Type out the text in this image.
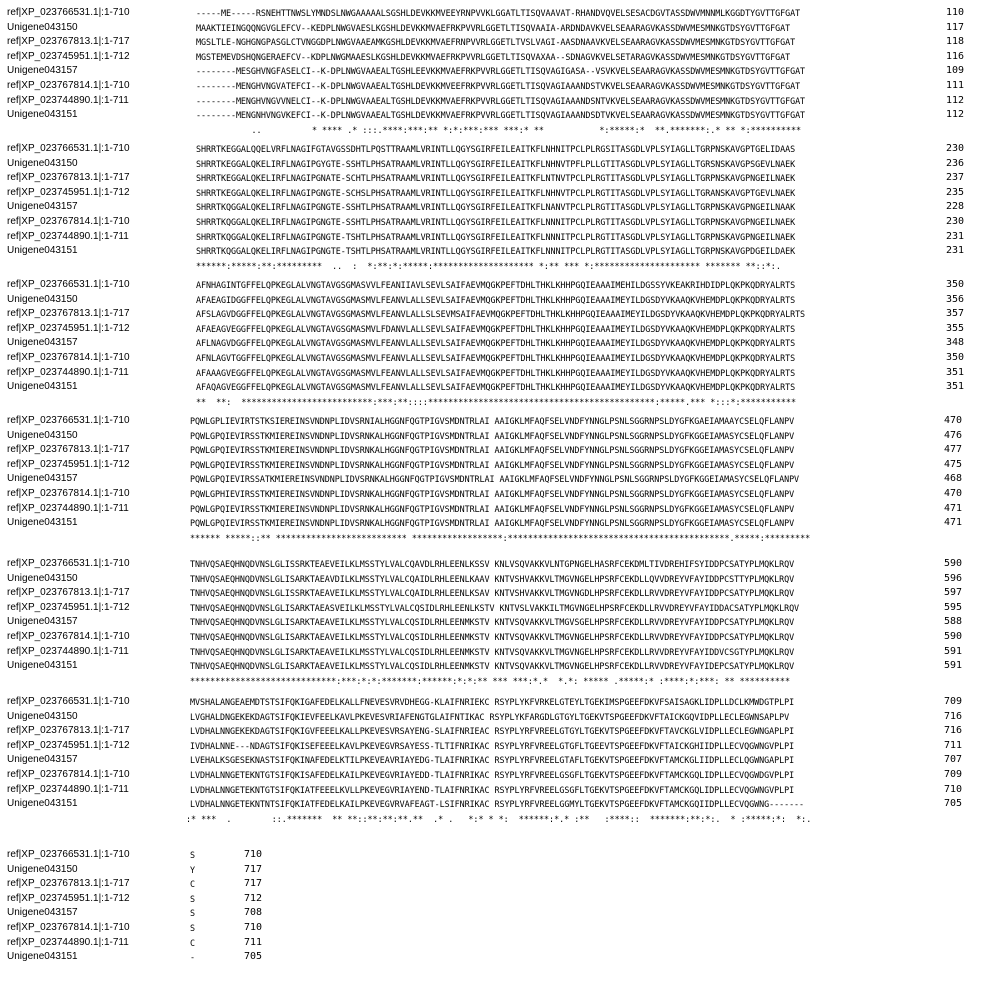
ref|XP_023766531.1|:1-710	-----ME-----RSNEHTTNWSLYMNDSLNWGAAAAALSGSHLDEVKKMVEEYRNPVVKLGGATLTISQVAAVAT-RHANDVQVELSESACDGVTASSDWVMNNMLKGGDTYGVTTGFGAT	110
Unigene043150	MAAKTIEINGQQNGVGLEFCV--KEDPLNWGVAESLKGSHLDEVKKMVAEFRKPVVRLGGETLTISQVAAIA-ARDNDAVKVELSEAARAGVKASSDWVMESMNKGTDSYGVTTGFGAT	117
ref|XP_023767813.1|:1-717	MGSLTLE-NGHGNGPASGLCTVNGGDPLNWGVAAEAMKGSHLDEVKKMVAEFRNPVVRLGGETLTVSLVAGI-AASDNAAVKVELSEAARAGVKASSDWVMESMNKGTDSYGVTTGFGAT	118
ref|XP_023745951.1|:1-712	MGSTEMEVDSHQNGERAEFCV--KDPLNWGMAAESLKGSHLDEVKKMVAEFRKPVVRLGGETLTISQVAXAA--SDNAGVKVELSETARAGVKASSDWVMESMNKGTDSYGVTTGFGAT	116
Unigene043157	--------MESGHVNGFASELCI--K-DPLNWGVAAEALTGSHLEEVKKMVAEFRKPVVRLGGETLTISQVAGIGASA--VSVKVELSEAARAGVKASSDWVMESMNKGTDSYGVTTGFGAT	109
ref|XP_023767814.1|:1-710	--------MENGHVNGVATEFCI--K-DPLNWGVAAEALTGSHLDEVKKMVEEFRKPVVRLGGETLTISQVAGIAAANDSTVKVELSEAARAGVKASSDWVMESMNKGTDSYGVTTGFGAT	111
ref|XP_023744890.1|:1-711	--------MENGHVNGVVNELCI--K-DPLNWGVAAEALTGSHLDEVKKMVAEFRKPVVRLGGETLTISQVAGIAAANDSNTVKVELSEAARAGVKASSDWVMESMNKGTDSYGVTTGFGAT	112
Unigene043151	--------MENGNHVNGVKEFCI--K-DPLNWGVAAEALTGSHLDEVKKMVAEFRKPVVRLGGETLTISQVAGIAAANDSDTVKVELSEAARAGVKASSDWVMESMNKGTDSYGVTTGFGAT	112
..          * **** .* :::.****:***:** *:*:***:*** ***:* **           *:*****:*  **.*******:.* ** *:**********
ref|XP_023766531.1|:1-710	SHRRTKEGGALQQELVRFLNAGIFGTAVGSSDHTLPQSTTRAAMLVRINTLLQGYSGIRFEILEAITKFLNHNITPCLPLRGSITASGDLVPLSYIAGLLTGRPNSKAVGPTGELIDAAS	230
Unigene043150	SHRRTKEGGALQKELIRFLNAGIPGYGTE-SSHTLPHSATRAAMLVRINTLLQGYSGIRFEILEAITKFLNHNVTPFLPLLGTITASGDLVPLSYIAGLLTGRSNSKAVGPSGEVLNAEK	236
ref|XP_023767813.1|:1-717	SHRRTKEGGALQKELIRFLNAGIPGNATE-SCHTLPHSATRAAMLVRINTLLQGYSGIRFEILEAITKFLNTNVTPCLPLRGTITASGDLVPLSYIAGLLTGRPNSKAVGPNGEILNAEK	237
ref|XP_023745951.1|:1-712	SHRRTKEGGALQKELIRFLNAGIPGNGTE-SCHSLPHSATRAAMLVRINTLLQGYSGIRFEILEAITKFLNHNVTPCLPLRGTITASGDLVPLSYIAGLLTGRANSKAVGPTGEVLNAEK	235
Unigene043157	SHRRTKQGGALQKELIRFLNAGIPGNGTE-SSHTLPHSATRAAMLVRINTLLQGYSGIRFEILEAITKFLNANVTPCLPLRGTITASGDLVPLSYIAGLLTGRPNSKAVGPNGEILNAAK	228
ref|XP_023767814.1|:1-710	SHRRTKQGGALQKELIRFLNAGIPGNGTE-SSHTLPHSATRAAMLVRINTLLQGYSGIRFEILEAITKFLNNNITPCLPLRGTITASGDLVPLSYIAGLLTGRPNSKAVGPNGEILNAEK	230
ref|XP_023744890.1|:1-711	SHRRTKQGGALQKELIRFLNAGIPGNGTE-TSHTLPHSATRAAMLVRINTLLQGYSGIRFEILEAITKFLNNNITPCLPLRGTITASGDLVPLSYIAGLLTGRPNSKAVGPNGEILNAEK	231
Unigene043151	SHRRTKQGGALQKELIRFLNAGIPGNGTE-TSHTLPHSATRAAMLVRINTLLQGYSGIRFEILEAITKFLNNNITPCLPLRGTITASGDLVPLSYIAGLLTGRPNSKAVGPDGEILDAEK	231
******:*****:**:*********  ..  :  *:**:*:*****:******************** *:** *** *:********************* ******* **::*:.
ref|XP_023766531.1|:1-710	AFNHAGINTGFFELQPKEGLALVNGTAVGSGMASVVLFEANIIAVLSEVLSAIFAEVMQGKPEFTDHLTHKLKHHPGQIEAAAIMEHILDGSSYVKEAKRIHDIDPLQKPKQDRYALRTS	350
Unigene043150	AFAEAGIDGGFFELQPKEGLALVNGTAVGSGMASMVLFEANVLALLSEVLSAIFAEVMQGKPEFTDHLTHKLKHHPGQIEAAAIMEYILDGSDYVKAAQKVHEMDPLQKPKQDRYALRTS	356
ref|XP_023767813.1|:1-717	AFSLAGVDGGFFELQPKEGLALVNGTAVGSGMASMVLFEANVLALLSLSEVMSAIFAEVMQGKPEFTDHLTHKLKHHPGQIEAAAIMEYILDGSDYVKAAQKVHEMDPLQKPKQDRYALRTS	357
ref|XP_023745951.1|:1-712	AFAEAGVEGGFFELQPKEGLALVNGTAVGSGMASMVLFDANVLALLSEVLSAIFAEVMQGKPEFTDHLTHKLKHHPGQIEAAAIMEYILDGSDYVKAAQKVHEMDPLQKPKQDRYALRTS	355
Unigene043157	AFLNAGVDGGFFELQPKEGLALVNGTAVGSGMASMVLFEANVLALLSEVLSAIFAEVMQGKPEFTDHLTHKLKHHPGQIEAAAIMEYILDGSDYVKAAQKVHEMDPLQKPKQDRYALRTS	348
ref|XP_023767814.1|:1-710	AFNLAGVTGGFFELQPKEGLALVNGTAVGSGMASMVLFEANVLALLSEVLSAIFAEVMQGKPEFTDHLTHKLKHHPGQIEAAAIMEYILDGSDYVKAAQKVHEMDPLQKPKQDRYALRTS	350
ref|XP_023744890.1|:1-711	AFAAAGVEGGFFELQPKEGLALVNGTAVGSGMASMVLFEANVLALLSEVLSAIFAEVMQGKPEFTDHLTHKLKHHPGQIEAAAIMEYILDGSDYVKAAQKVHEMDPLQKPKQDRYALRTS	351
Unigene043151	AFAQAGVEGGFFELQPKEGLALVNGTAVGSGMASMVLFEANVLALLSEVLSAIFAEVMQGKPEFTDHLTHKLKHHPGQIEAAAIMEYILDGSDYVKAAQKVHEMDPLQKPKQDRYALRTS	351
**  **:  **************************:***:**::::*********************************************:*****.*** *:::*:***********
ref|XP_023766531.1|:1-710	PQWLGPLIEVIRTSTKSIEREINSVNDNPLIDVSRNIALHGGNFQGTPIGVSMDNTRLAI AAIGKLMFAQFSELVNDFYNNGLPSNLSGGRNPSLDYGFKGAEIAMAAYCSELQFLANPV	470
Unigene043150	PQWLGPQIEVIRSSTKMIEREINSVNDNPLIDVSRNKALHGGNFQGTPIGVSMDNTRLAI AAIGKLMFAQFSELVNDFYNNGLPSNLSGGRNPSLDYGFKGGEIAMASYCSELQFLANPV	476
ref|XP_023767813.1|:1-717	PQWLGPQIEVIRSSTKMIEREINSVNDNPLIDVSRNKALHGGNFQGTPIGVSMDNTRLAI AAIGKLMFAQFSELVNDFYNNGLPSNLSGGRNPSLDYGFKGGEIAMASYCSELQFLANPV	477
ref|XP_023745951.1|:1-712	PQWLGPQIEVIRSSTKMIEREINSVNDNPLIDVSRNKALHGGNFQGTPIGVSMDNTRLAI AAIGKLMFAQFSELVNDFYNNGLPSNLSGGRNPSLDYGFKGGEIAMASYCSELQFLANPV	475
Unigene043157	PQWLGPQIEVIRSSATKMIEREINSVNDNPLIDVSRNKALHGGNFQGTPIGVSMDNTRLAI AAIGKLMFAQFSELVNDFYNNGLPSNLSGGRNPSLDYGFKGGEIAMASYCSELQFLANPV	468
ref|XP_023767814.1|:1-710	PQWLGPHIEVIRSSTKMIEREINSVNDNPLIDVSRNKALHGGNFQGTPIGVSMDNTRLAI AAIGKLMFAQFSELVNDFYNNGLPSNLSGGRNPSLDYGFKGGEIAMASYCSELQFLANPV	470
ref|XP_023744890.1|:1-711	PQWLGPQIEVIRSSTKMIEREINSVNDNPLIDVSRNKALHGGNFQGTPIGVSMDNTRLAI AAIGKLMFAQFSELVNDFYNNGLPSNLSGGRNPSLDYGFKGGEIAMASYCSELQFLANPV	471
Unigene043151	PQWLGPQIEVIRSSTKMIEREINSVNDNPLIDVSRNKALHGGNFQGTPIGVSMDNTRLAI AAIGKLMFAQFSELVNDFYNNGLPSNLSGGRNPSLDYGFKGGEIAMASYCSELQFLANPV	471
****** *****::** ************************** ******************:********************************************.*****:*********
ref|XP_023766531.1|:1-710	TNHVQSAEQHNQDVNSLGLISSRKTEAEVEILKLMSSTYLVALCQAVDLRHLEENLKSSV KNLVSQVAKKVLNTGPNGELHASRFCEKDMLTIVDREHIFSYIDDPCSATYPLMQKLRQV	590
Unigene043150	TNHVQSAEQHNQDVNSLGLISARKTAEAVDILKLMSSTYLVALCQAIDLRHLEENLKAAV KNTVSHVAKKVLTMGVNGELHPSRFCEKDLLQVVDREYVFAYIDDPCSTTYPLMQKLRQV	596
ref|XP_023767813.1|:1-717	TNHVQSAEQHNQDVNSLGLISSRKTAEAVEILKLMSSTYLVALCQAIDLRHLEENLKSAV KNTVSHVAKKVLTMGVNGDLHPSRFCEKDLLRVVDREYVFAYIDDPCSATYPLMQKLRQV	597
ref|XP_023745951.1|:1-712	TNHVQSAEQHNQDVNSLGLISARKTAEASVEILKLMSSTYLVALCQSIDLRHLEENLKSTV KNTVSLVAKKILTMGVNGELHPSRFCEKDLLRVVDREYVFAYIDDACSATYPLMQKLRQV	595
Unigene043157	TNHVQSAEQHNQDVNSLGLISARKTAEAVEILKLMSSTYLVALCQSIDLRHLEENMKSTV KNTVSQVAKKVLTMGVSGELHPSRFCEKDLLRVVDREYVFAYIDDPCSATYPLMQKLRQV	588
ref|XP_023767814.1|:1-710	TNHVQSAEQHNQDVNSLGLISARKTAEAVEILKLMSSTYLVALCQSIDLRHLEENMKSTV KNTVSQVAKKVLTMGVNGELHPSRFCEKDLLRVVDREYVFAYIDDPCSATYPLMQKLRQV	590
ref|XP_023744890.1|:1-711	TNHVQSAEQHNQDVNSLGLISARKTAEAVEILKLMSSTYLVALCQSIDLRHLEENMKSTV KNTVSQVAKKVLTMGVNGELHPSRFCEKDLLRVVDREYVFAYIDDVCSGTYPLMQKLRQV	591
Unigene043151	TNHVQSAEQHNQDVNSLGLISARKTAEAVEILKLMSSTYLVALCQSIDLRHLEENMKSTV KNTVSQVAKKVLTMGVNGELHPSRFCEKDLLRVVDREYVFAYIDEPCSATYPLMQKLRQV	591
*****************************:***:*:*:*******:******:*:*:** *** ***:*.*  *.*: ***** .*****:* :****:*:***: ** **********
ref|XP_023766531.1|:1-710	MVSHALANGEAEMDTSTSIFQKIGAFEDELKALLFNEVESVRVDHEGG-KLAIFNRIEKC RSYPLYKFVRKELGTEYLTGEKIMSPGEEFDKVFSAISAGKLIDPLLDCLKMWDGTPLPI	709
Unigene043150	LVGHALDNGEKEKDAGTSIFQKIEVFEELKAVLPKEVESVRIAFENGTGLAIFNTIKAC RSYPLYKFARGDLGTGYLTGEKVTSPGEEFDKVFTAICKGQVIDPLLECLEGWNSAPLPV	716
ref|XP_023767813.1|:1-717	LVDHALNNGEKEKDAGTSIFQKIGVFEEELKALLPKEVESVRSAYENG-SLAIFNRIEAC RSYPLYRFVREELGTGYLTGEKVTSPGEEFDKVFTAVCKGLVIDPLLECLEGWNGAPLPI	716
ref|XP_023745951.1|:1-712	IVDHALNNE---NDAGTSIFQKISEFEEELKAVLPKEVEGVRSAYESS-TLTIFNRIKAC RSYPLYRFVREELGTGFLTGEEVTSPGEEFDKVFTAICKGHIIDPLLECVQGWNGVPLPI	711
Unigene043157	LVEHALKSGESEKNASTSIFQKINAFEDELKTILPKEVEAVRIAYEDG-TLAIFNRIKAC RSYPLYRFVREELGTAFLTGEKVTSPGEEFDKVFTAMCKGLIIDPLLECLQGWNGAPLPI	707
ref|XP_023767814.1|:1-710	LVDHALNNGETEKNTGTSIFQKISAFEDELKAILPKEVEGVRIAYEDD-TLAIFNRIKAC RSYPLYRFVREELGSGFLTGEKVTSPGEEFDKVFTAMCKGQLIDPLLECVQGWDGVPLPI	709
ref|XP_023744890.1|:1-711	LVDHALNNGETEKNTGTSIFQKIATFEEELKVLLPKEVEGVRIAYEND-TLAIFNRIKAC RSYPLYRFVREELGSGFLTGEKVTSPGEEFDKVFTAMCKGQLIDPLLECVQGWNGVPLPI	710
Unigene043151	LVDHALNNGETEKNTNTSIFQKIATFEDELKAILPKEVEGVRVAFEAGT-LSIFNRIKAC RSYPLYRFVREELGGMYLTGEKVTSPGEEFDKVFTAMCKGQIIDPLLECVQGWNG-------	705
:* ***  .        ::.*******  ** **::**:**:**.**  .* .   *:* * *:  ******:*.* :**   :****::  *******:**:*:.  * :*****:*:  *:.
ref|XP_023766531.1|:1-710	S	710
Unigene043150	Y	717
ref|XP_023767813.1|:1-717	C	717
ref|XP_023745951.1|:1-712	S	712
Unigene043157	S	708
ref|XP_023767814.1|:1-710	S	710
ref|XP_023744890.1|:1-711	C	711
Unigene043151	-	705
